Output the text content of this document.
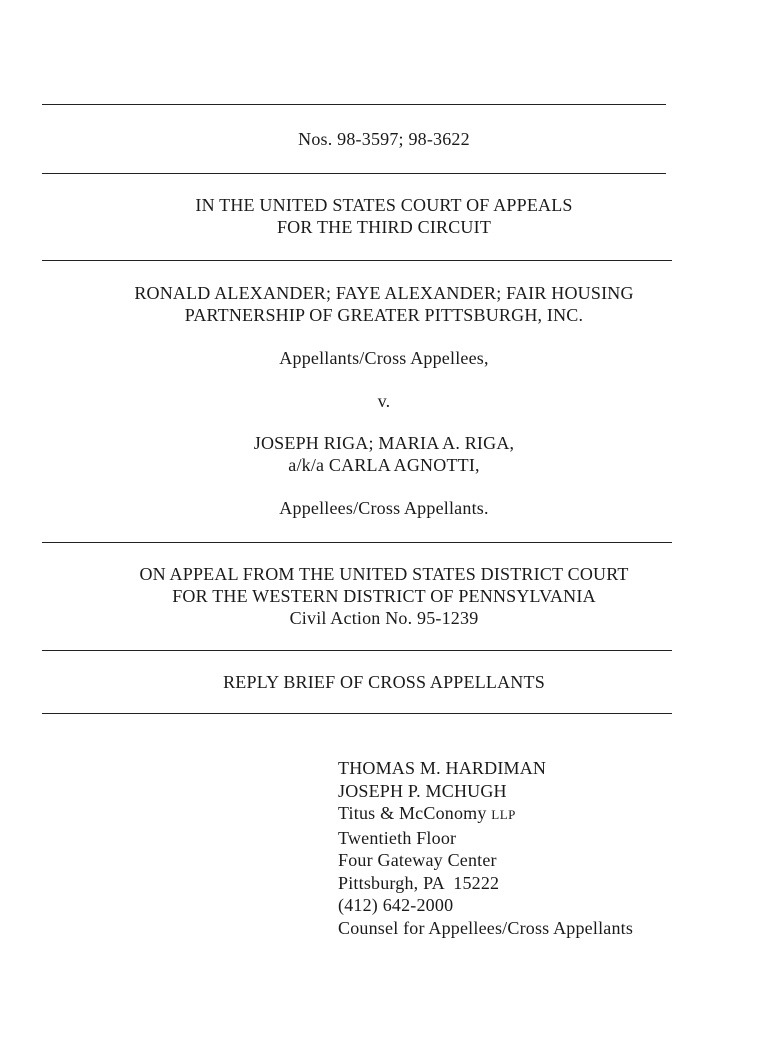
Nos. 98-3597; 98-3622
IN THE UNITED STATES COURT OF APPEALS
FOR THE THIRD CIRCUIT
RONALD ALEXANDER; FAYE ALEXANDER; FAIR HOUSING
PARTNERSHIP OF GREATER PITTSBURGH, INC.
Appellants/Cross Appellees,
v.
JOSEPH RIGA; MARIA A. RIGA,
a/k/a CARLA AGNOTTI,
Appellees/Cross Appellants.
ON APPEAL FROM THE UNITED STATES DISTRICT COURT
FOR THE WESTERN DISTRICT OF PENNSYLVANIA
Civil Action No. 95-1239
REPLY BRIEF OF CROSS APPELLANTS
THOMAS M. HARDIMAN
JOSEPH P. MCHUGH
Titus & McConomy LLP
Twentieth Floor
Four Gateway Center
Pittsburgh, PA  15222
(412) 642-2000
Counsel for Appellees/Cross Appellants
